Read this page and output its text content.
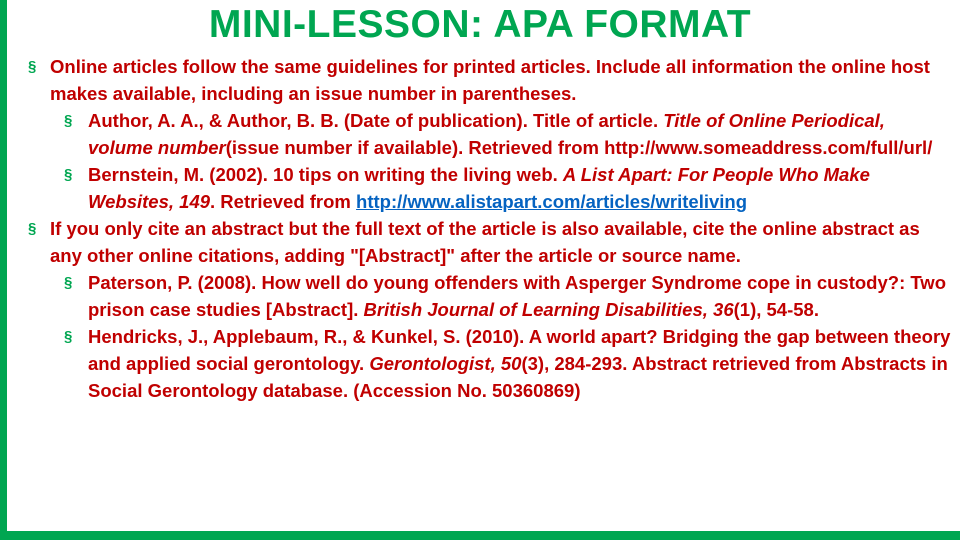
MINI-LESSON: APA FORMAT
§ Online articles follow the same guidelines for printed articles. Include all information the online host makes available, including an issue number in parentheses.
§ Author, A. A., & Author, B. B. (Date of publication). Title of article. Title of Online Periodical, volume number(issue number if available). Retrieved from http://www.someaddress.com/full/url/
§ Bernstein, M. (2002). 10 tips on writing the living web. A List Apart: For People Who Make Websites, 149. Retrieved from http://www.alistapart.com/articles/writeliving
§ If you only cite an abstract but the full text of the article is also available, cite the online abstract as any other online citations, adding "[Abstract]" after the article or source name.
§ Paterson, P. (2008). How well do young offenders with Asperger Syndrome cope in custody?: Two prison case studies [Abstract]. British Journal of Learning Disabilities, 36(1), 54-58.
§ Hendricks, J., Applebaum, R., & Kunkel, S. (2010). A world apart? Bridging the gap between theory and applied social gerontology. Gerontologist, 50(3), 284-293. Abstract retrieved from Abstracts in Social Gerontology database. (Accession No. 50360869)
